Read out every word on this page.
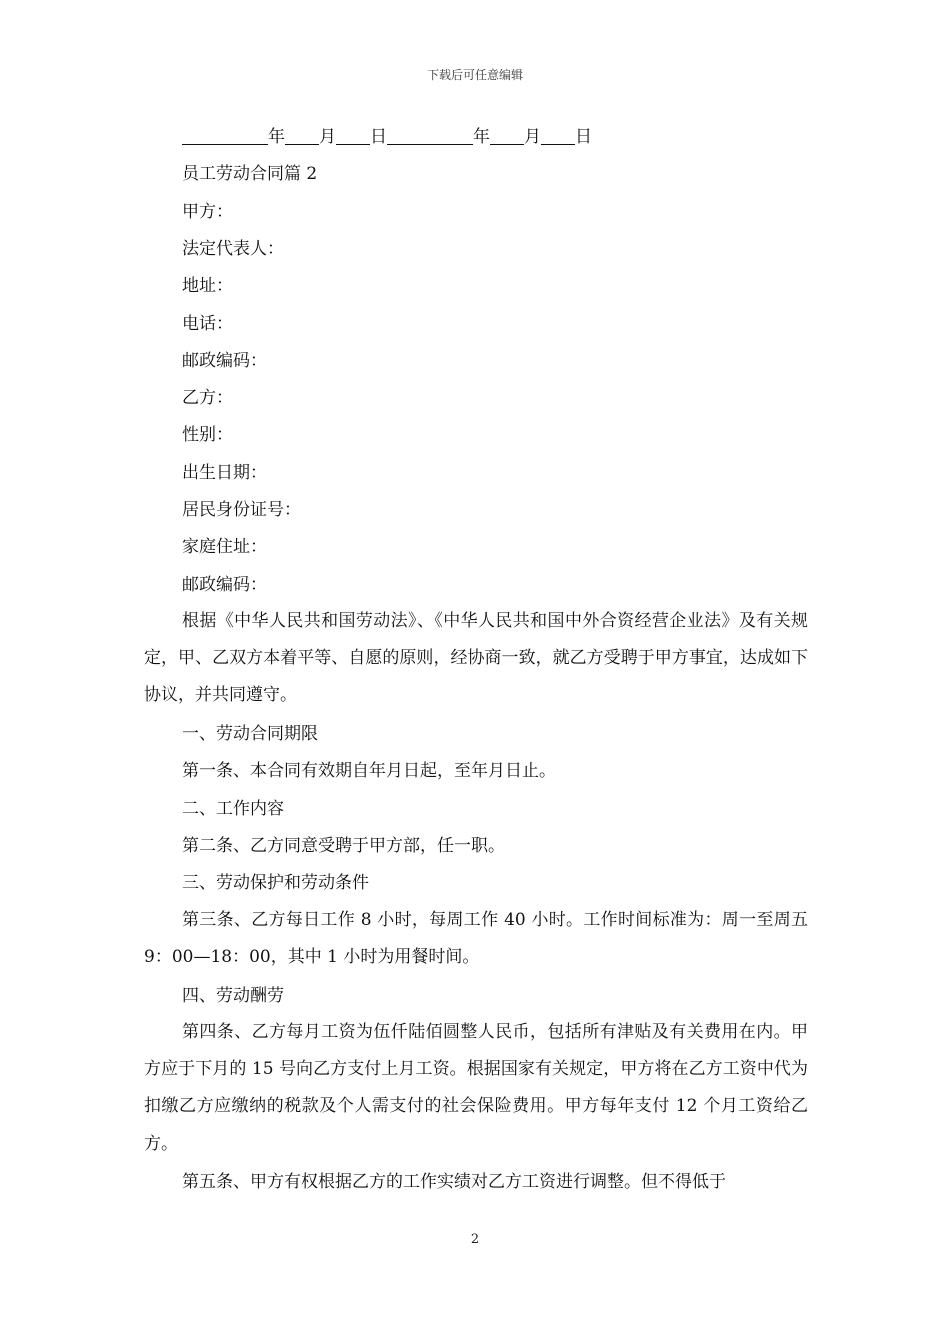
下载后可任意编辑
年 月 日	年 月 日
员工劳动合同篇 2
甲方：
法定代表人：
地址：
电话：
邮政编码：
乙方：
性别：
出生日期：
居民身份证号：
家庭住址：
邮政编码：
根据《中华人民共和国劳动法》、《中华人民共和国中外合资经营企业法》及有关规定，甲、乙双方本着平等、自愿的原则，经协商一致，就乙方受聘于甲方事宜，达成如下协议，并共同遵守。
一、劳动合同期限
第一条、本合同有效期自年月日起，至年月日止。
二、工作内容
第二条、乙方同意受聘于甲方部，任一职。
三、劳动保护和劳动条件
第三条、乙方每日工作 8 小时，每周工作 40 小时。工作时间标准为：周一至周五 9：00—18：00，其中 1 小时为用餐时间。
四、劳动酬劳
第四条、乙方每月工资为伍仟陆佰圆整人民币，包括所有津贴及有关费用在内。甲方应于下月的 15 号向乙方支付上月工资。根据国家有关规定，甲方将在乙方工资中代为扣缴乙方应缴纳的税款及个人需支付的社会保险费用。甲方每年支付 12 个月工资给乙方。
第五条、甲方有权根据乙方的工作实绩对乙方工资进行调整。但不得低于
2
